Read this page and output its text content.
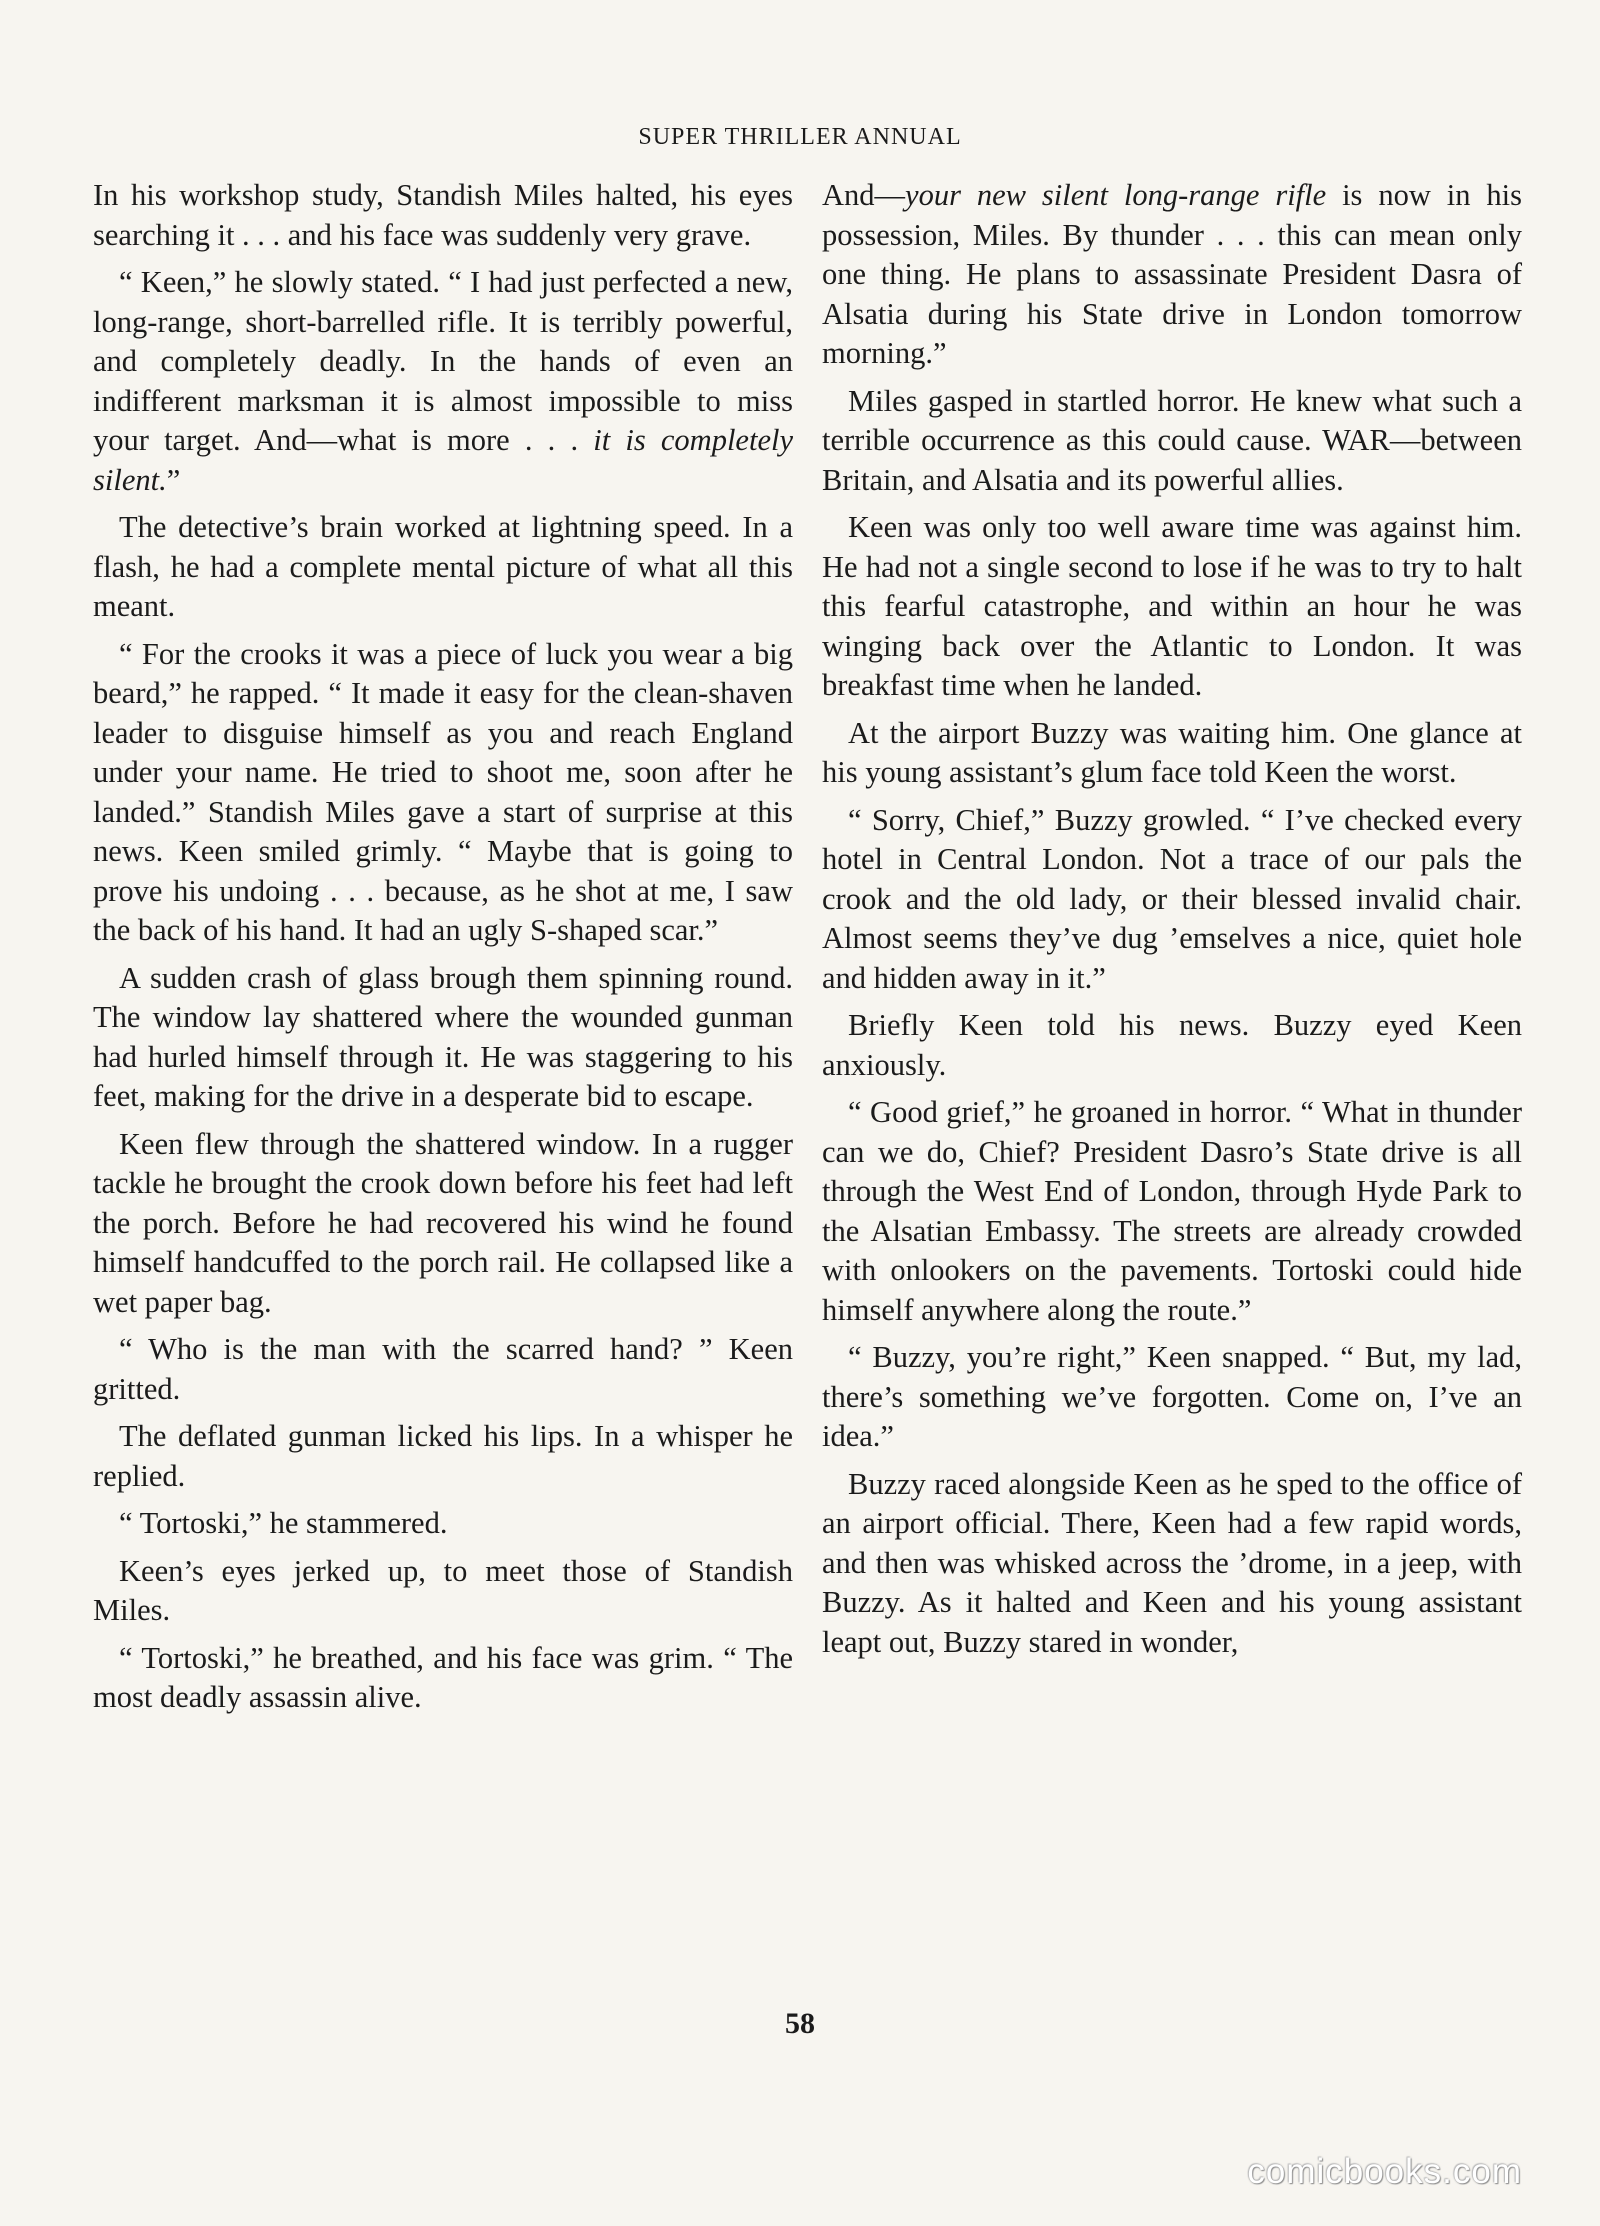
SUPER THRILLER ANNUAL

In his workshop study, Standish Miles halted, his eyes searching it . . . and his face was suddenly very grave.

“ Keen,” he slowly stated. “ I had just perfected a new, long-range, short-barrelled rifle. It is terribly powerful, and completely deadly. In the hands of even an indifferent marksman it is almost impossible to miss your target. And—what is more . . . it is completely silent.”

The detective’s brain worked at lightning speed. In a flash, he had a complete mental picture of what all this meant.

“ For the crooks it was a piece of luck you wear a big beard,” he rapped. “ It made it easy for the clean-shaven leader to disguise himself as you and reach England under your name. He tried to shoot me, soon after he landed.” Standish Miles gave a start of surprise at this news. Keen smiled grimly. “ Maybe that is going to prove his undoing . . . because, as he shot at me, I saw the back of his hand. It had an ugly S-shaped scar.”

A sudden crash of glass brough them spinning round. The window lay shattered where the wounded gunman had hurled himself through it. He was staggering to his feet, making for the drive in a desperate bid to escape.

Keen flew through the shattered window. In a rugger tackle he brought the crook down before his feet had left the porch. Before he had recovered his wind he found himself handcuffed to the porch rail. He collapsed like a wet paper bag.

“ Who is the man with the scarred hand? ” Keen gritted.

The deflated gunman licked his lips. In a whisper he replied.

“ Tortoski,” he stammered.

Keen’s eyes jerked up, to meet those of Standish Miles.

“ Tortoski,” he breathed, and his face was grim. “ The most deadly assassin alive.

And—your new silent long-range rifle is now in his possession, Miles. By thunder . . . this can mean only one thing. He plans to assassinate President Dasra of Alsatia during his State drive in London tomorrow morning.”

Miles gasped in startled horror. He knew what such a terrible occurrence as this could cause. WAR—between Britain, and Alsatia and its powerful allies.

Keen was only too well aware time was against him. He had not a single second to lose if he was to try to halt this fearful catastrophe, and within an hour he was winging back over the Atlantic to London. It was breakfast time when he landed.

At the airport Buzzy was waiting him. One glance at his young assistant’s glum face told Keen the worst.

“ Sorry, Chief,” Buzzy growled. “ I’ve checked every hotel in Central London. Not a trace of our pals the crook and the old lady, or their blessed invalid chair. Almost seems they’ve dug ’emselves a nice, quiet hole and hidden away in it.”

Briefly Keen told his news. Buzzy eyed Keen anxiously.

“ Good grief,” he groaned in horror. “ What in thunder can we do, Chief? President Dasro’s State drive is all through the West End of London, through Hyde Park to the Alsatian Embassy. The streets are already crowded with onlookers on the pavements. Tortoski could hide himself anywhere along the route.”

“ Buzzy, you’re right,” Keen snapped. “ But, my lad, there’s something we’ve forgotten. Come on, I’ve an idea.”

Buzzy raced alongside Keen as he sped to the office of an airport official. There, Keen had a few rapid words, and then was whisked across the ’drome, in a jeep, with Buzzy. As it halted and Keen and his young assistant leapt out, Buzzy stared in wonder,

58
comicbooks.com
